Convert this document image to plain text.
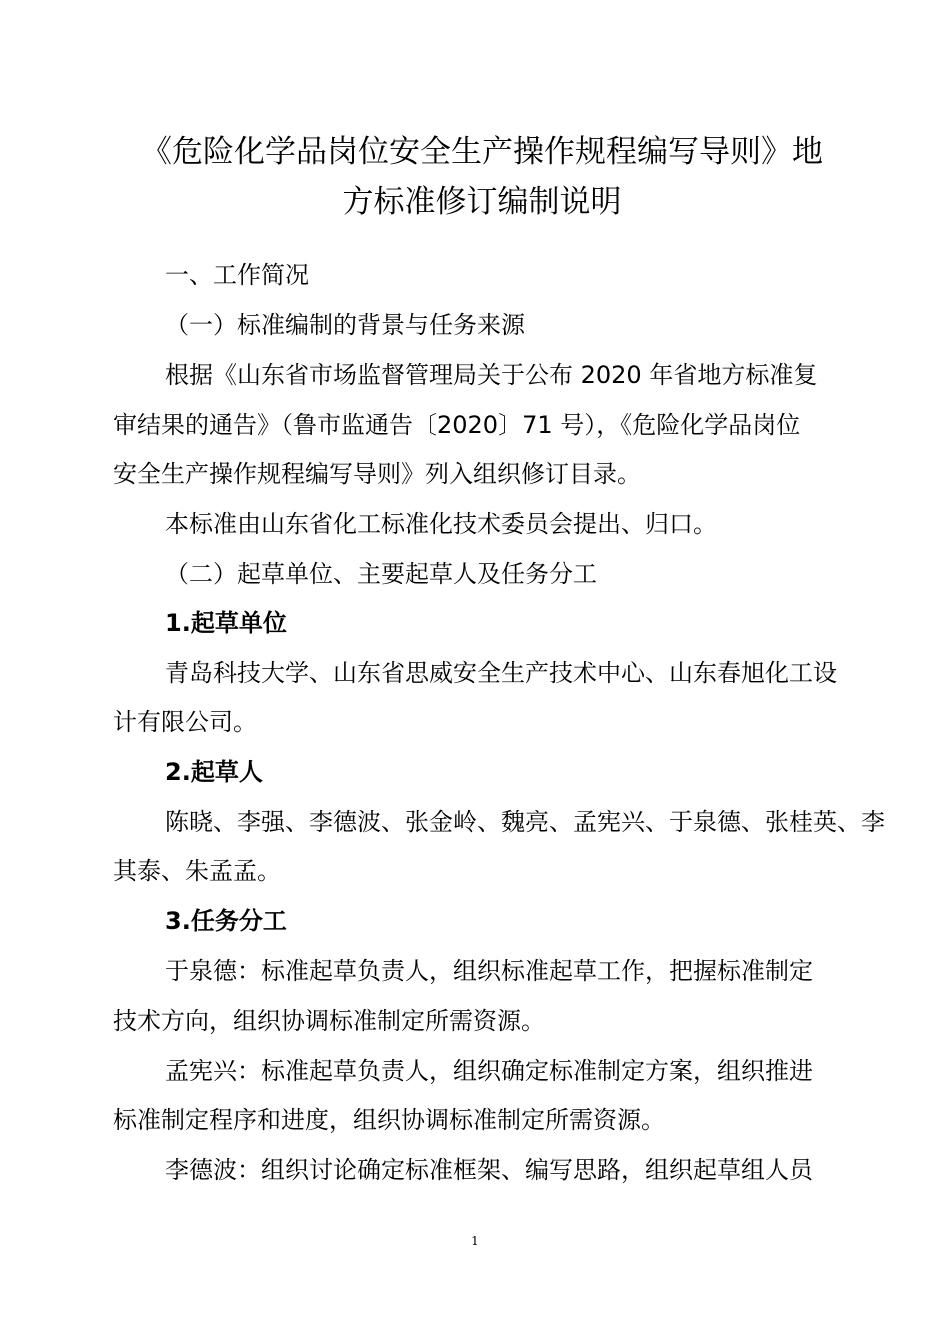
《危险化学品岗位安全生产操作规程编写导则》地
方标准修订编制说明
一、工作简况
（一）标准编制的背景与任务来源
根据《山东省市场监督管理局关于公布 2020 年省地方标准复
审结果的通告》（鲁市监通告〔2020〕71 号），《危险化学品岗位
安全生产操作规程编写导则》列入组织修订目录。
本标准由山东省化工标准化技术委员会提出、归口。
（二）起草单位、主要起草人及任务分工
1.起草单位
青岛科技大学、山东省思威安全生产技术中心、山东春旭化工设
计有限公司。
2.起草人
陈晓、李强、李德波、张金岭、魏亮、孟宪兴、于泉德、张桂英、李
其泰、朱孟孟。
3.任务分工
于泉德：标准起草负责人，组织标准起草工作，把握标准制定
技术方向，组织协调标准制定所需资源。
孟宪兴：标准起草负责人，组织确定标准制定方案，组织推进
标准制定程序和进度，组织协调标准制定所需资源。
李德波：组织讨论确定标准框架、编写思路，组织起草组人员
1
